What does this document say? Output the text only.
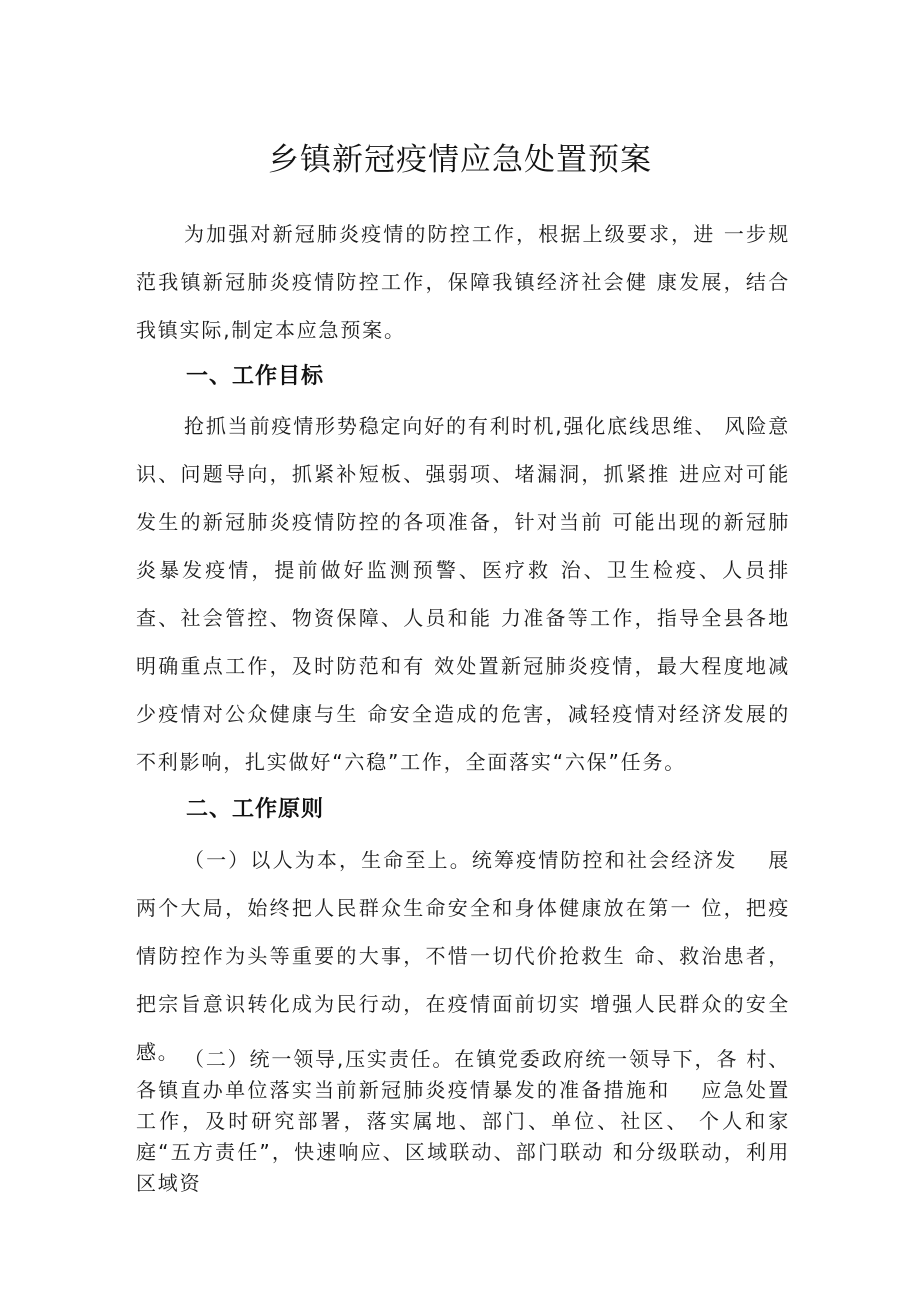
乡镇新冠疫情应急处置预案

为加强对新冠肺炎疫情的防控工作，根据上级要求，进 一步规范我镇新冠肺炎疫情防控工作，保障我镇经济社会健 康发展，结合我镇实际,制定本应急预案。

一、工作目标

抢抓当前疫情形势稳定向好的有利时机,强化底线思维、 风险意识、问题导向，抓紧补短板、强弱项、堵漏洞，抓紧推 进应对可能发生的新冠肺炎疫情防控的各项准备，针对当前 可能出现的新冠肺炎暴发疫情，提前做好监测预警、医疗救 治、卫生检疫、人员排查、社会管控、物资保障、人员和能 力准备等工作，指导全县各地明确重点工作，及时防范和有 效处置新冠肺炎疫情，最大程度地减少疫情对公众健康与生 命安全造成的危害，减轻疫情对经济发展的不利影响，扎实做好“六稳”工作，全面落实“六保”任务。

二、工作原则

（一）以人为本，生命至上。统筹疫情防控和社会经济发 　展两个大局，始终把人民群众生命安全和身体健康放在第一 位，把疫情防控作为头等重要的大事，不惜一切代价抢救生 命、救治患者，把宗旨意识转化成为民行动，在疫情面前切实 增强人民群众的安全感。 （二）统一领导,压实责任。在镇党委政府统一领导下，各 村、各镇直办单位落实当前新冠肺炎疫情暴发的准备措施和 　应急处置工作，及时研究部署，落实属地、部门、单位、社区、 个人和家庭“五方责任”，快速响应、区域联动、部门联动 和分级联动，利用区域资
